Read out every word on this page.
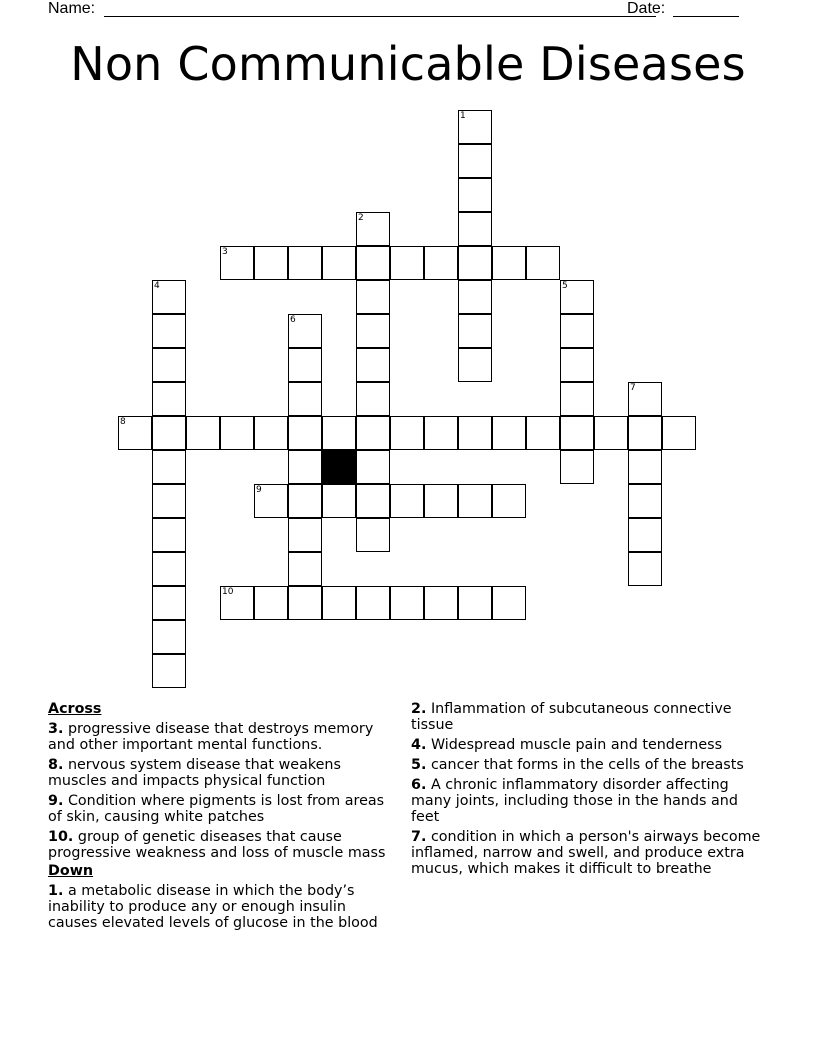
Name:	Date:
Non Communicable Diseases
1
2
3
4	5
6
7
8
9
10
Across
3. progressive disease that destroys memory and other important mental functions.
8. nervous system disease that weakens muscles and impacts physical function
9. Condition where pigments is lost from areas of skin, causing white patches
10. group of genetic diseases that cause progressive weakness and loss of muscle mass
Down
1. a metabolic disease in which the body’s inability to produce any or enough insulin causes elevated levels of glucose in the blood
2. Inflammation of subcutaneous connective tissue
4. Widespread muscle pain and tenderness
5. cancer that forms in the cells of the breasts
6. A chronic inflammatory disorder affecting many joints, including those in the hands and feet
7. condition in which a person's airways become inflamed, narrow and swell, and produce extra mucus, which makes it difficult to breathe
